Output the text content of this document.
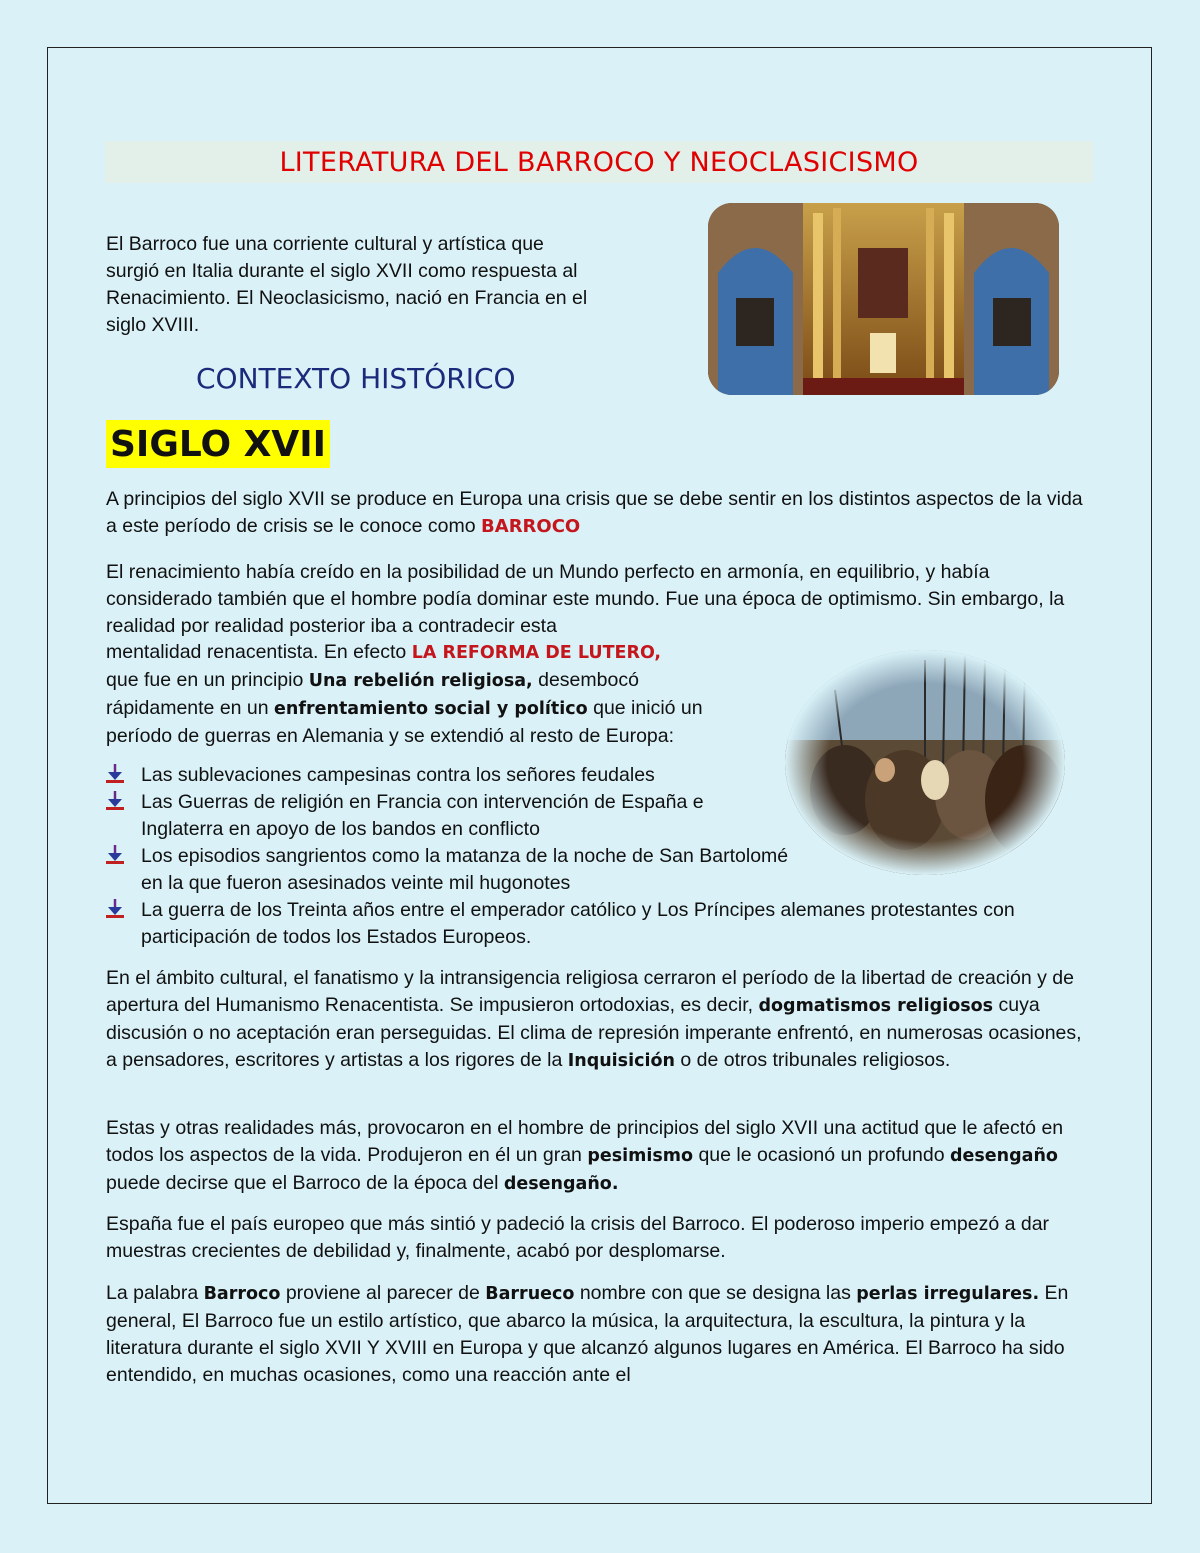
LITERATURA DEL BARROCO Y NEOCLASICISMO

El Barroco fue una corriente cultural y artística que
surgió en Italia durante el siglo XVII como respuesta al
Renacimiento. El Neoclasicismo, nació en Francia en el
siglo XVIII.

CONTEXTO HISTÓRICO
SIGLO XVII

A principios del siglo XVII se produce en Europa una crisis que se debe sentir en los distintos aspectos de la vida a este período de crisis se le conoce como BARROCO

El renacimiento había creído en la posibilidad de un Mundo perfecto en armonía, en equilibrio, y había considerado también que el hombre podía dominar este mundo. Fue una época de optimismo. Sin embargo, la realidad por realidad posterior iba a contradecir esta

mentalidad renacentista. En efecto LA REFORMA DE LUTERO,
que fue en un principio Una rebelión religiosa, desembocó
rápidamente en un enfrentamiento social y político que inició un
período de guerras en Alemania y se extendió al resto de Europa:

Las sublevaciones campesinas contra los señores feudales
Las Guerras de religión en Francia con intervención de España e Inglaterra en apoyo de los bandos en conflicto
Los episodios sangrientos como la matanza de la noche de San Bartolomé en la que fueron asesinados veinte mil hugonotes
La guerra de los Treinta años entre el emperador católico y Los Príncipes alemanes protestantes con participación de todos los Estados Europeos.

En el ámbito cultural, el fanatismo y la intransigencia religiosa cerraron el período de la libertad de creación y de apertura del Humanismo Renacentista. Se impusieron ortodoxias, es decir, dogmatismos religiosos cuya discusión o no aceptación eran perseguidas. El clima de represión imperante enfrentó, en numerosas ocasiones, a pensadores, escritores y artistas a los rigores de la Inquisición o de otros tribunales religiosos.

Estas y otras realidades más, provocaron en el hombre de principios del siglo XVII una actitud que le afectó en todos los aspectos de la vida. Produjeron en él un gran pesimismo que le ocasionó un profundo desengaño puede decirse que el Barroco de la época del desengaño.

España fue el país europeo que más sintió y padeció la crisis del Barroco. El poderoso imperio empezó a dar muestras crecientes de debilidad y, finalmente, acabó por desplomarse.

La palabra Barroco proviene al parecer de Barrueco nombre con que se designa las perlas irregulares. En general, El Barroco fue un estilo artístico, que abarco la música, la arquitectura, la escultura, la pintura y la literatura durante el siglo XVII Y XVIII en Europa y que alcanzó algunos lugares en América. El Barroco ha sido entendido, en muchas ocasiones, como una reacción ante el
